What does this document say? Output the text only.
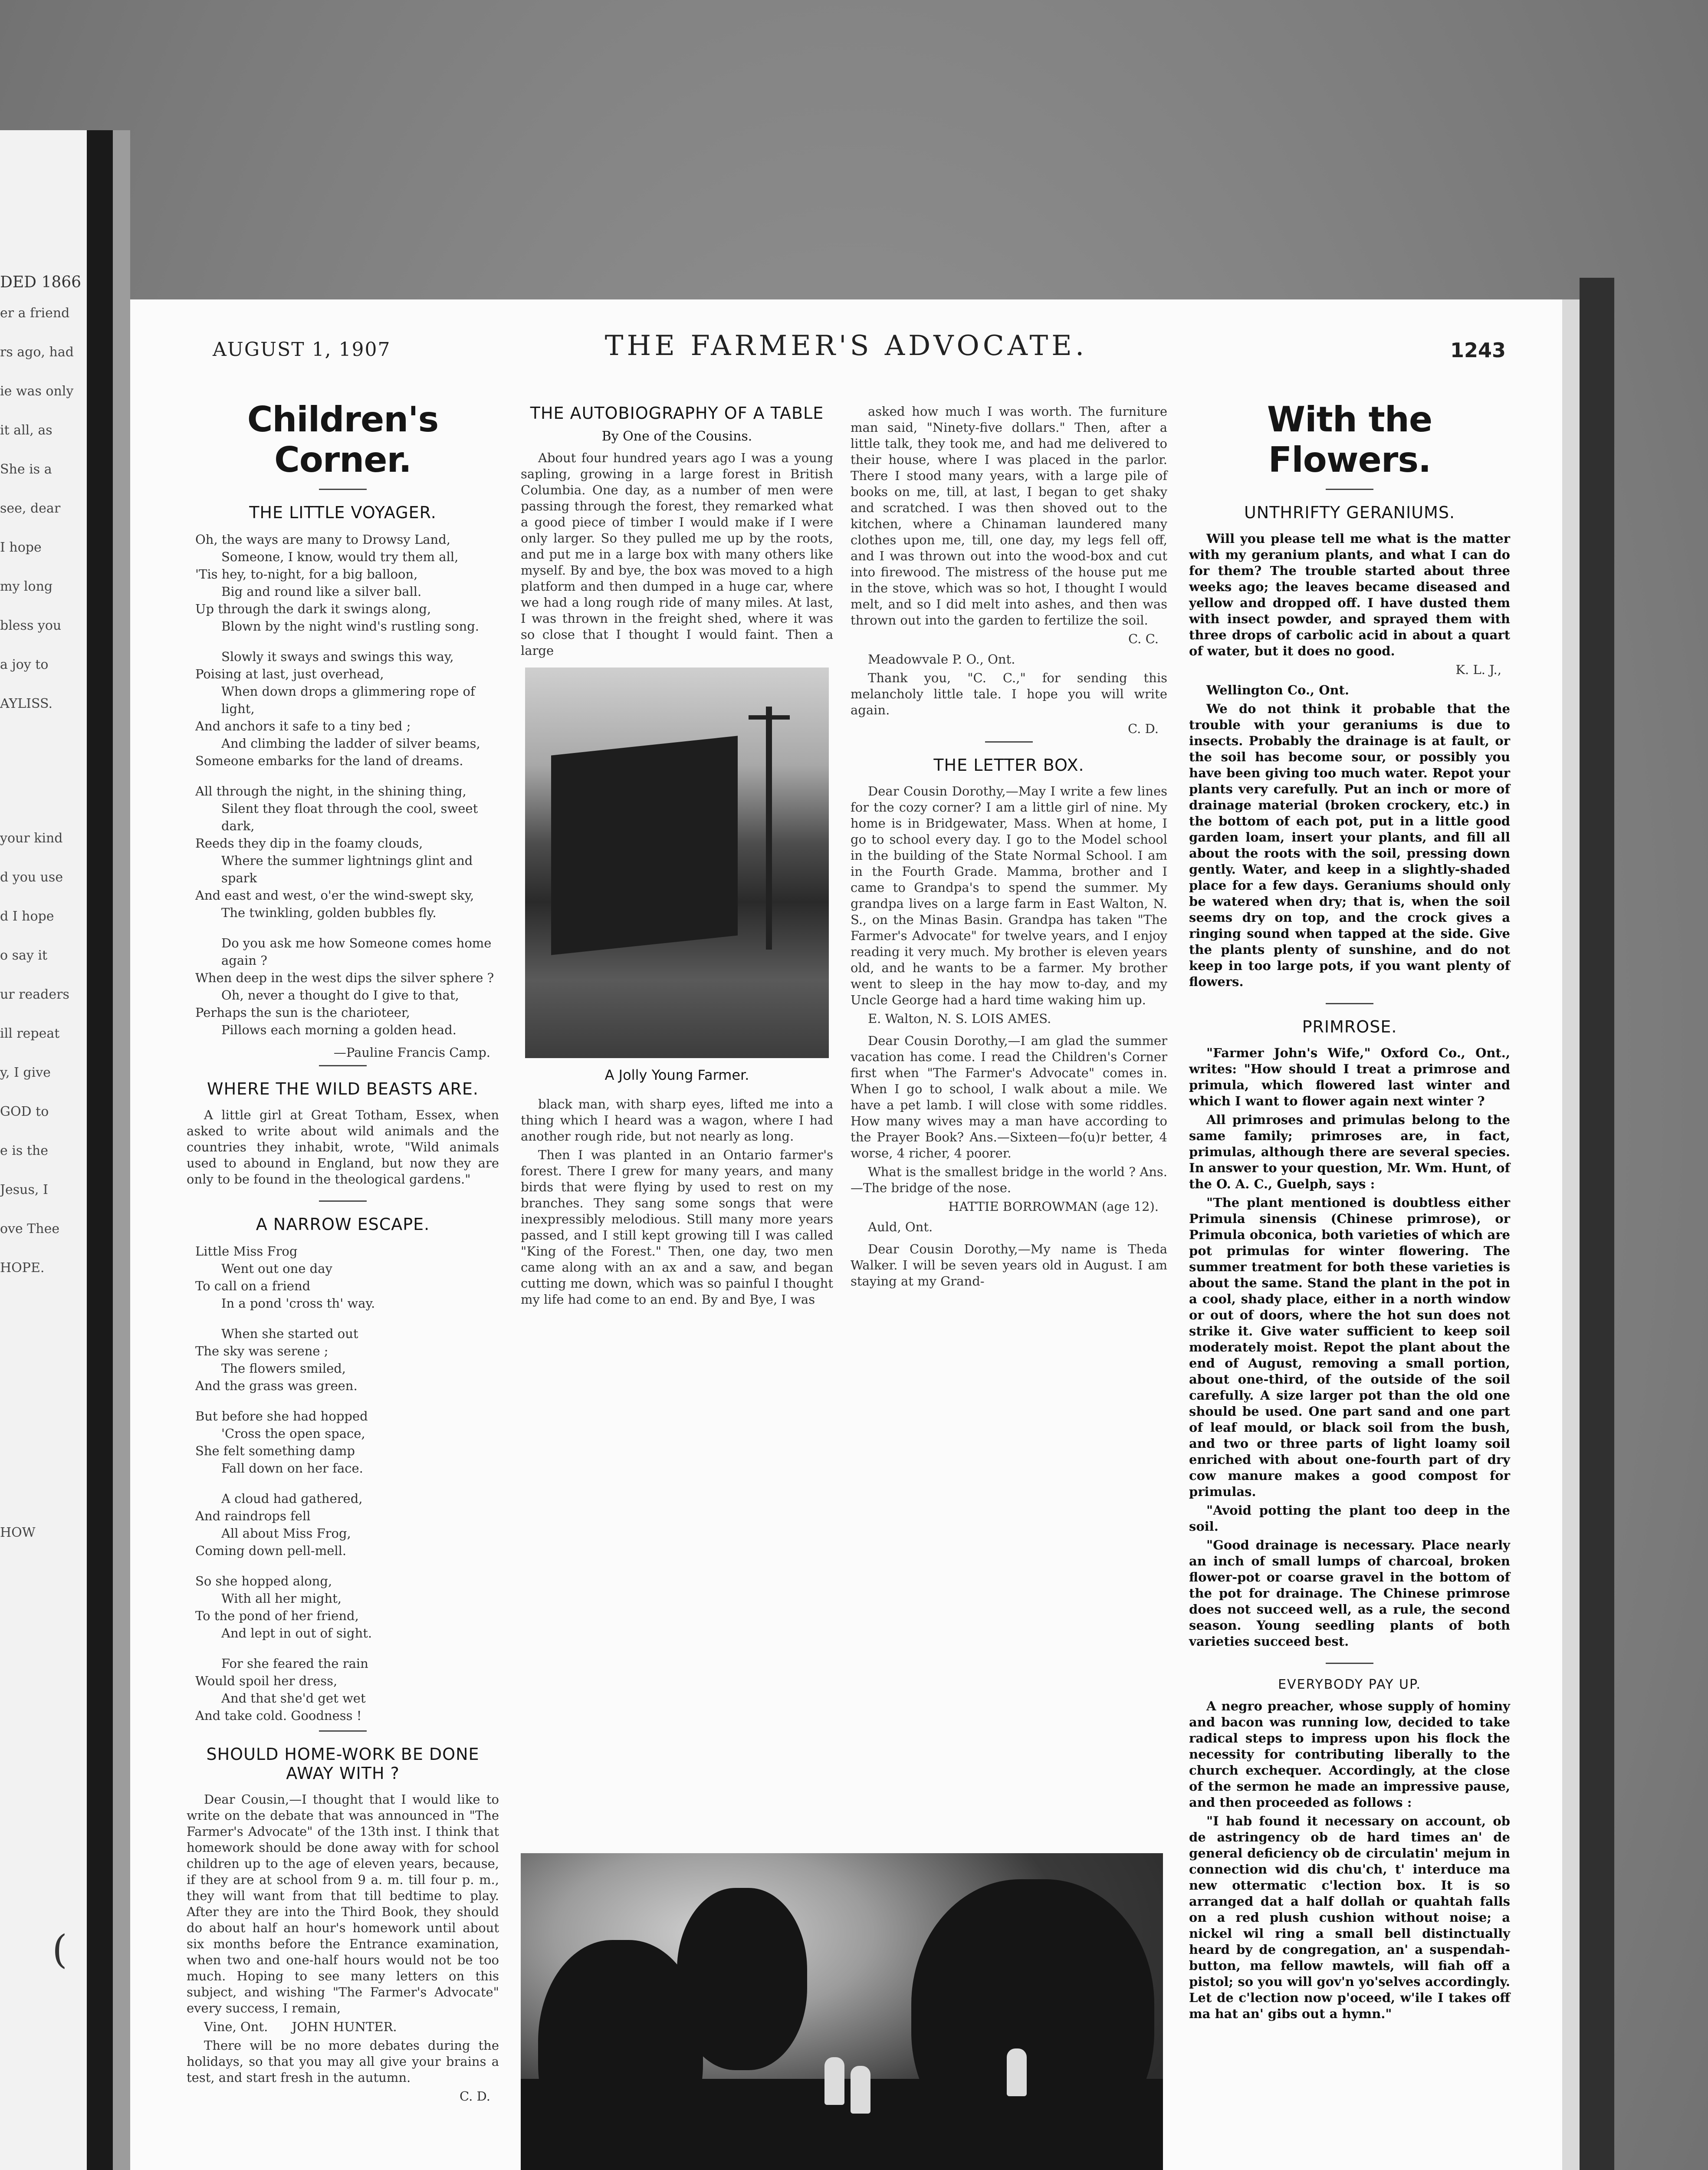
DED 1866

er a friend

rs ago, had

ie was only

it all, as

She is a

see, dear

I hope

my long

bless you

a joy to

AYLISS.

your kind

d you use

d I hope

o say it

ur readers

ill repeat

y, I give

GOD to

e is the

Jesus, I

ove Thee

HOPE.

HOW

(
AUGUST 1, 1907	THE FARMER'S ADVOCATE.	1243
Children's Corner.
THE LITTLE VOYAGER.
Oh, the ways are many to Drowsy Land,
Someone, I know, would try them all,
'Tis hey, to-night, for a big balloon,
Big and round like a silver ball.
Up through the dark it swings along,
Blown by the night wind's rustling song.
Slowly it sways and swings this way,
Poising at last, just overhead,
When down drops a glimmering rope of light,
And anchors it safe to a tiny bed ;
And climbing the ladder of silver beams,
Someone embarks for the land of dreams.
All through the night, in the shining thing,
Silent they float through the cool, sweet dark,
Reeds they dip in the foamy clouds,
Where the summer lightnings glint and spark
And east and west, o'er the wind-swept sky,
The twinkling, golden bubbles fly.
Do you ask me how Someone comes home again ?
When deep in the west dips the silver sphere ?
Oh, never a thought do I give to that,
Perhaps the sun is the charioteer,
Pillows each morning a golden head.

—Pauline Francis Camp.

WHERE THE WILD BEASTS ARE.

A little girl at Great Totham, Essex, when asked to write about wild animals and the countries they inhabit, wrote, "Wild animals used to abound in England, but now they are only to be found in the theological gardens."

A NARROW ESCAPE.
Little Miss Frog
Went out one day
To call on a friend
In a pond 'cross th' way.
When she started out
The sky was serene ;
The flowers smiled,
And the grass was green.
But before she had hopped
'Cross the open space,
She felt something damp
Fall down on her face.
A cloud had gathered,
And raindrops fell
All about Miss Frog,
Coming down pell-mell.
So she hopped along,
With all her might,
To the pond of her friend,
And lept in out of sight.
For she feared the rain
Would spoil her dress,
And that she'd get wet
And take cold. Goodness !
SHOULD HOME-WORK BE DONE AWAY WITH ?

Dear Cousin,—I thought that I would like to write on the debate that was announced in "The Farmer's Advocate" of the 13th inst. I think that homework should be done away with for school children up to the age of eleven years, because, if they are at school from 9 a. m. till four p. m., they will want from that till bedtime to play. After they are into the Third Book, they should do about half an hour's homework until about six months before the Entrance examination, when two and one-half hours would not be too much. Hoping to see many letters on this subject, and wishing "The Farmer's Advocate" every success, I remain,

Vine, Ont. JOHN HUNTER.

There will be no more debates during the holidays, so that you may all give your brains a test, and start fresh in the autumn.

C. D.

THE AUTOBIOGRAPHY OF A TABLE
By One of the Cousins.

About four hundred years ago I was a young sapling, growing in a large forest in British Columbia. One day, as a number of men were passing through the forest, they remarked what a good piece of timber I would make if I were only larger. So they pulled me up by the roots, and put me in a large box with many others like myself. By and bye, the box was moved to a high platform and then dumped in a huge car, where we had a long rough ride of many miles. At last, I was thrown in the freight shed, where it was so close that I thought I would faint. Then a large

A Jolly Young Farmer.

black man, with sharp eyes, lifted me into a thing which I heard was a wagon, where I had another rough ride, but not nearly as long.

Then I was planted in an Ontario farmer's forest. There I grew for many years, and many birds that were flying by used to rest on my branches. They sang some songs that were inexpressibly melodious. Still many more years passed, and I still kept growing till I was called "King of the Forest." Then, one day, two men came along with an ax and a saw, and began cutting me down, which was so painful I thought my life had come to an end. By and Bye, I was

asked how much I was worth. The furniture man said, "Ninety-five dollars." Then, after a little talk, they took me, and had me delivered to their house, where I was placed in the parlor. There I stood many years, with a large pile of books on me, till, at last, I began to get shaky and scratched. I was then shoved out to the kitchen, where a Chinaman laundered many clothes upon me, till, one day, my legs fell off, and I was thrown out into the wood-box and cut into firewood. The mistress of the house put me in the stove, which was so hot, I thought I would melt, and so I did melt into ashes, and then was thrown out into the garden to fertilize the soil.

C. C.

Meadowvale P. O., Ont.

Thank you, "C. C.," for sending this melancholy little tale. I hope you will write again.

C. D.

THE LETTER BOX.

Dear Cousin Dorothy,—May I write a few lines for the cozy corner? I am a little girl of nine. My home is in Bridgewater, Mass. When at home, I go to school every day. I go to the Model school in the building of the State Normal School. I am in the Fourth Grade. Mamma, brother and I came to Grandpa's to spend the summer. My grandpa lives on a large farm in East Walton, N. S., on the Minas Basin. Grandpa has taken "The Farmer's Advocate" for twelve years, and I enjoy reading it very much. My brother is eleven years old, and he wants to be a farmer. My brother went to sleep in the hay mow to-day, and my Uncle George had a hard time waking him up.

E. Walton, N. S. LOIS AMES.

Dear Cousin Dorothy,—I am glad the summer vacation has come. I read the Children's Corner first when "The Farmer's Advocate" comes in. When I go to school, I walk about a mile. We have a pet lamb. I will close with some riddles. How many wives may a man have according to the Prayer Book? Ans.—Sixteen—fo(u)r better, 4 worse, 4 richer, 4 poorer.

What is the smallest bridge in the world ? Ans.—The bridge of the nose.

HATTIE BORROWMAN (age 12).

Auld, Ont.

Dear Cousin Dorothy,—My name is Theda Walker. I will be seven years old in August. I am staying at my Grand-

With the Flowers.
UNTHRIFTY GERANIUMS.

Will you please tell me what is the matter with my geranium plants, and what I can do for them? The trouble started about three weeks ago; the leaves became diseased and yellow and dropped off. I have dusted them with insect powder, and sprayed them with three drops of carbolic acid in about a quart of water, but it does no good.

K. L. J.,

Wellington Co., Ont.

We do not think it probable that the trouble with your geraniums is due to insects. Probably the drainage is at fault, or the soil has become sour, or possibly you have been giving too much water. Repot your plants very carefully. Put an inch or more of drainage material (broken crockery, etc.) in the bottom of each pot, put in a little good garden loam, insert your plants, and fill all about the roots with the soil, pressing down gently. Water, and keep in a slightly-shaded place for a few days. Geraniums should only be watered when dry; that is, when the soil seems dry on top, and the crock gives a ringing sound when tapped at the side. Give the plants plenty of sunshine, and do not keep in too large pots, if you want plenty of flowers.

PRIMROSE.

"Farmer John's Wife," Oxford Co., Ont., writes: "How should I treat a primrose and primula, which flowered last winter and which I want to flower again next winter ?

All primroses and primulas belong to the same family; primroses are, in fact, primulas, although there are several species. In answer to your question, Mr. Wm. Hunt, of the O. A. C., Guelph, says :

"The plant mentioned is doubtless either Primula sinensis (Chinese primrose), or Primula obconica, both varieties of which are pot primulas for winter flowering. The summer treatment for both these varieties is about the same. Stand the plant in the pot in a cool, shady place, either in a north window or out of doors, where the hot sun does not strike it. Give water sufficient to keep soil moderately moist. Repot the plant about the end of August, removing a small portion, about one-third, of the outside of the soil carefully. A size larger pot than the old one should be used. One part sand and one part of leaf mould, or black soil from the bush, and two or three parts of light loamy soil enriched with about one-fourth part of dry cow manure makes a good compost for primulas.

"Avoid potting the plant too deep in the soil.

"Good drainage is necessary. Place nearly an inch of small lumps of charcoal, broken flower-pot or coarse gravel in the bottom of the pot for drainage. The Chinese primrose does not succeed well, as a rule, the second season. Young seedling plants of both varieties succeed best.

EVERYBODY PAY UP.

A negro preacher, whose supply of hominy and bacon was running low, decided to take radical steps to impress upon his flock the necessity for contributing liberally to the church exchequer. Accordingly, at the close of the sermon he made an impressive pause, and then proceeded as follows :

"I hab found it necessary on account, ob de astringency ob de hard times an' de general deficiency ob de circulatin' mejum in connection wid dis chu'ch, t' interduce ma new ottermatic c'lection box. It is so arranged dat a half dollah or quahtah falls on a red plush cushion without noise; a nickel wil ring a small bell distinctually heard by de congregation, an' a suspendah-button, ma fellow mawtels, will fiah off a pistol; so you will gov'n yo'selves accordingly. Let de c'lection now p'oceed, w'ile I takes off ma hat an' gibs out a hymn."
